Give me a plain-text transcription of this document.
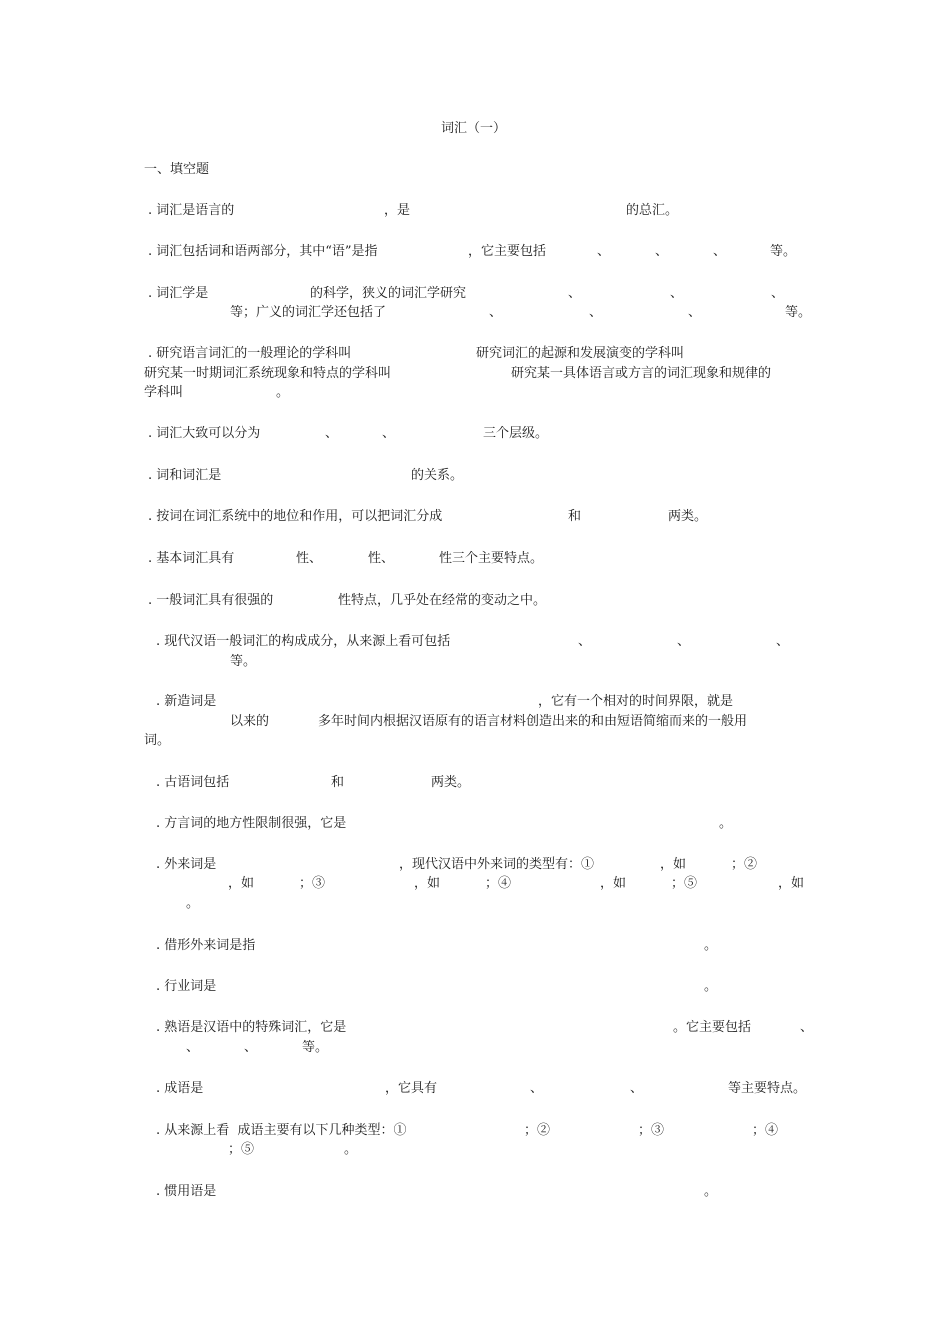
词汇（一）
一、填空题
. 词汇是语言的	，是	的总汇。
. 词汇包括词和语两部分，其中“语”是指	，它主要包括	、	、	、	等。
. 词汇学是	的科学，狭义的词汇学研究	、	、	、
等；广义的词汇学还包括了	、	、	、	等。
. 研究语言词汇的一般理论的学科叫	研究词汇的起源和发展演变的学科叫
研究某一时期词汇系统现象和特点的学科叫	研究某一具体语言或方言的词汇现象和规律的
学科叫	。
. 词汇大致可以分为	、	、	三个层级。
. 词和词汇是	的关系。
. 按词在词汇系统中的地位和作用，可以把词汇分成	和	两类。
. 基本词汇具有	性、	性、	性三个主要特点。
. 一般词汇具有很强的	性特点，几乎处在经常的变动之中。
. 现代汉语一般词汇的构成成分，从来源上看可包括	、	、	、
等。
. 新造词是	，它有一个相对的时间界限，就是
以来的	多年时间内根据汉语原有的语言材料创造出来的和由短语简缩而来的一般用
词。
. 古语词包括	和	两类。
. 方言词的地方性限制很强，它是	。
. 外来词是	，现代汉语中外来词的类型有：①	，如	；②
，如	；③	，如	；④	，如	；⑤	，如
。
. 借形外来词是指	。
. 行业词是	。
. 熟语是汉语中的特殊词汇，它是	。它主要包括	、
、	、	等。
. 成语是	，它具有	、	、	等主要特点。
. 从来源上看  成语主要有以下几种类型：①	；②	；③	；④
；⑤	。
. 惯用语是	。
